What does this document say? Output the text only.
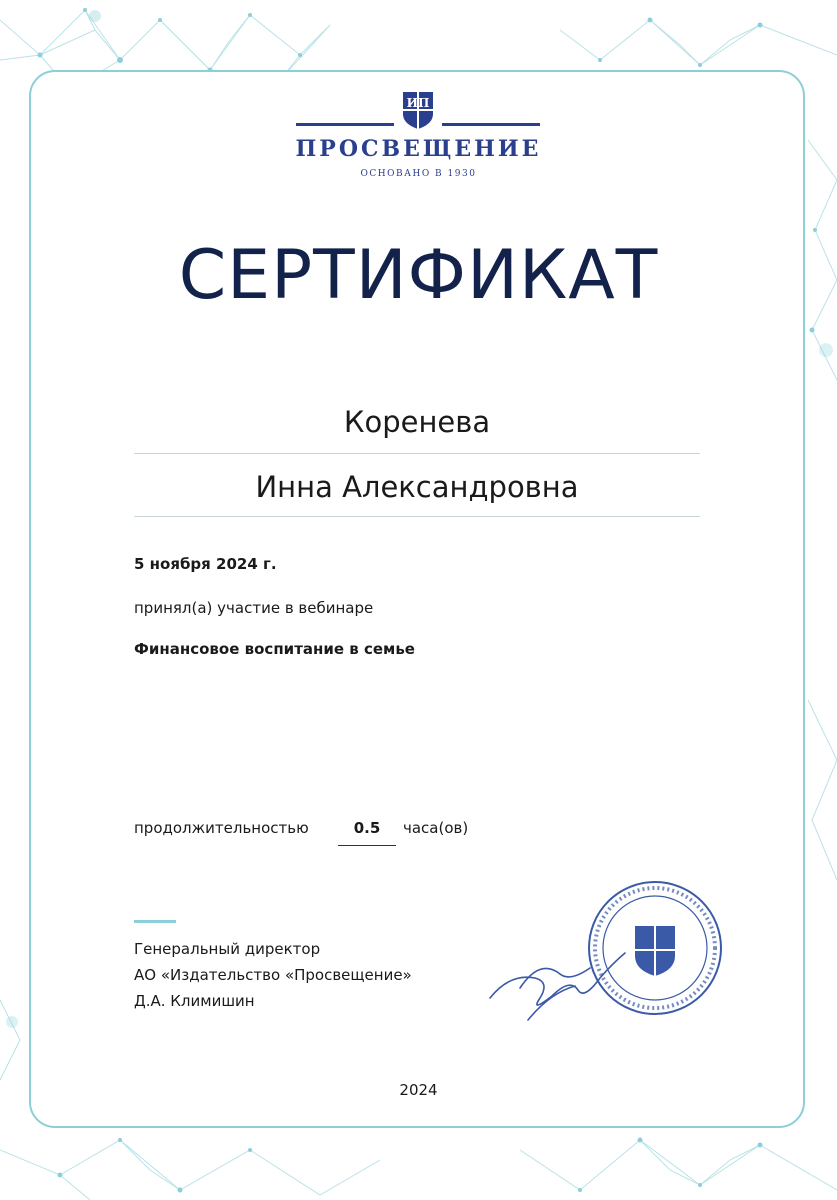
ИП
ПРОСВЕЩЕНИЕ
ОСНОВАНО В 1930
СЕРТИФИКАТ
Коренева
Инна Александровна
5 ноября 2024 г.
принял(а) участие в вебинаре
Финансовое воспитание в семье
продолжительностью	0.5	часа(ов)
Генеральный директор
АО «Издательство «Просвещение»
Д.А. Климишин
2024
